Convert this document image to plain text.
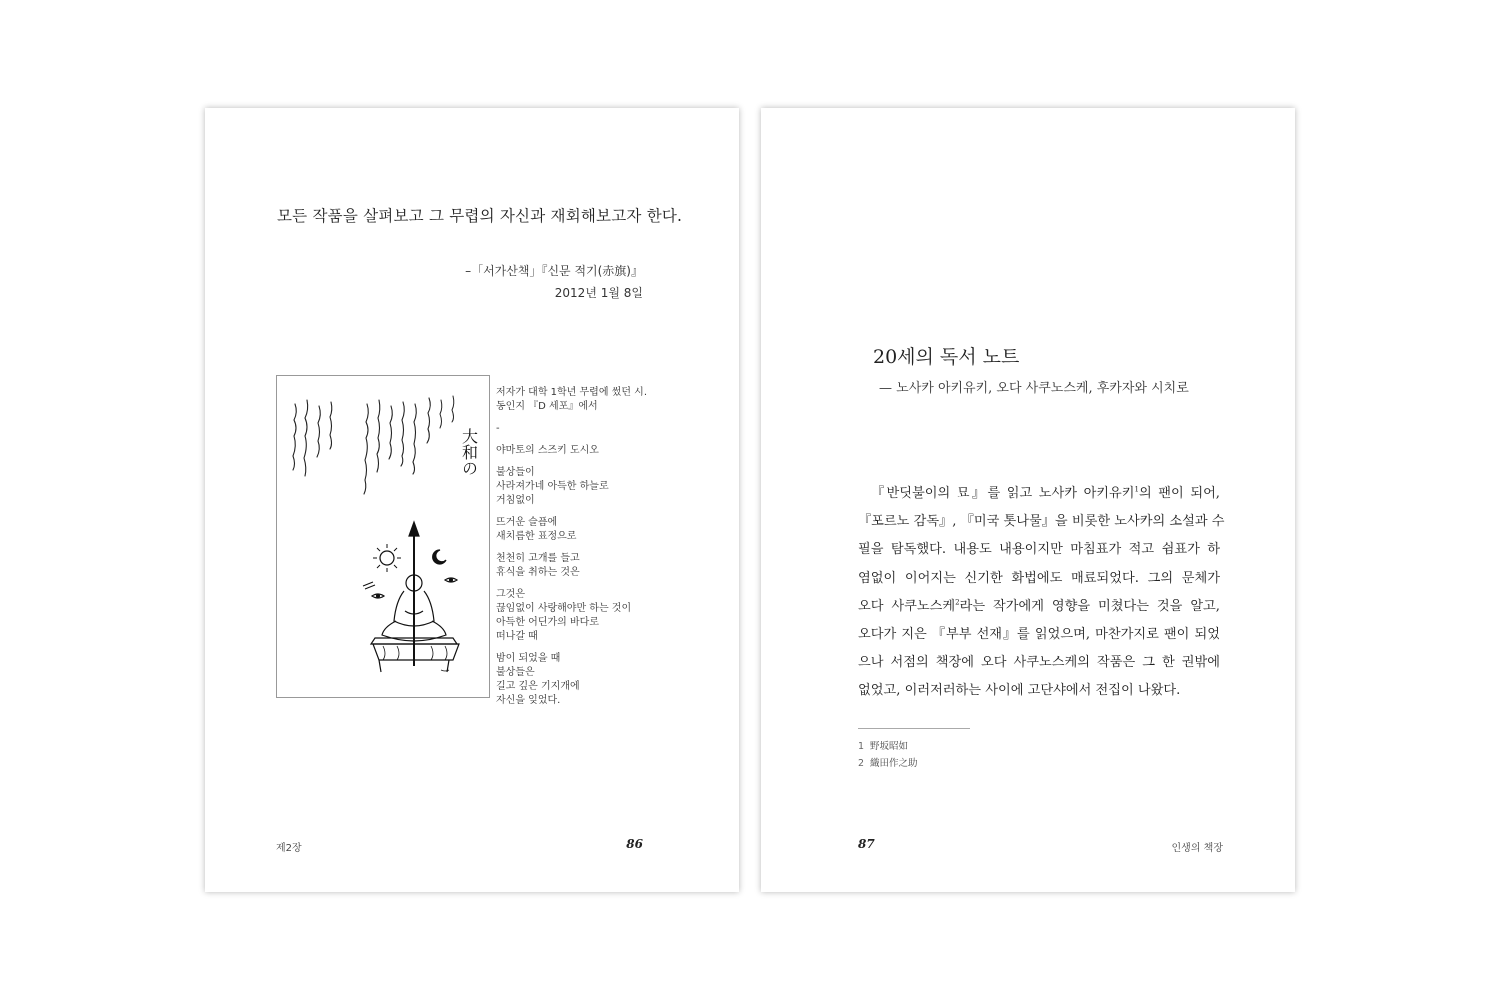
모든 작품을 살펴보고 그 무렵의 자신과 재회해보고자 한다.
–「서가산책」『신문 적기(赤旗)』
2012년 1월 8일
大和の
저자가 대학 1학년 무렵에 썼던 시.
동인지 『D 세포』에서
-
야마토의 스즈키 도시오
불상들이
사라져가네 아득한 하늘로
거침없이
뜨거운 슬픔에
새치름한 표정으로
천천히 고개를 들고
휴식을 취하는 것은
그것은
끊임없이 사랑해야만 하는 것이
아득한 어딘가의 바다로
떠나갈 때
밤이 되었을 때
불상들은
길고 깊은 기지개에
자신을 잊었다.
제2장	86
20세의 독서 노트
— 노사카 아키유키, 오다 사쿠노스케, 후카자와 시치로
『반딧불이의 묘』를 읽고 노사카 아키유키$^1$의 팬이 되어,
『포르노 감독』, 『미국 톳나물』을 비롯한 노사카의 소설과 수
필을 탐독했다. 내용도 내용이지만 마침표가 적고 쉼표가 하
염없이 이어지는 신기한 화법에도 매료되었다. 그의 문체가
오다 사쿠노스케$^2$라는 작가에게 영향을 미쳤다는 것을 알고,
오다가 지은 『부부 선재』를 읽었으며, 마찬가지로 팬이 되었
으나 서점의 책장에 오다 사쿠노스케의 작품은 그 한 권밖에
없었고, 이러저러하는 사이에 고단샤에서 전집이 나왔다.
1 野坂昭如
2 織田作之助
87	인생의 책장
